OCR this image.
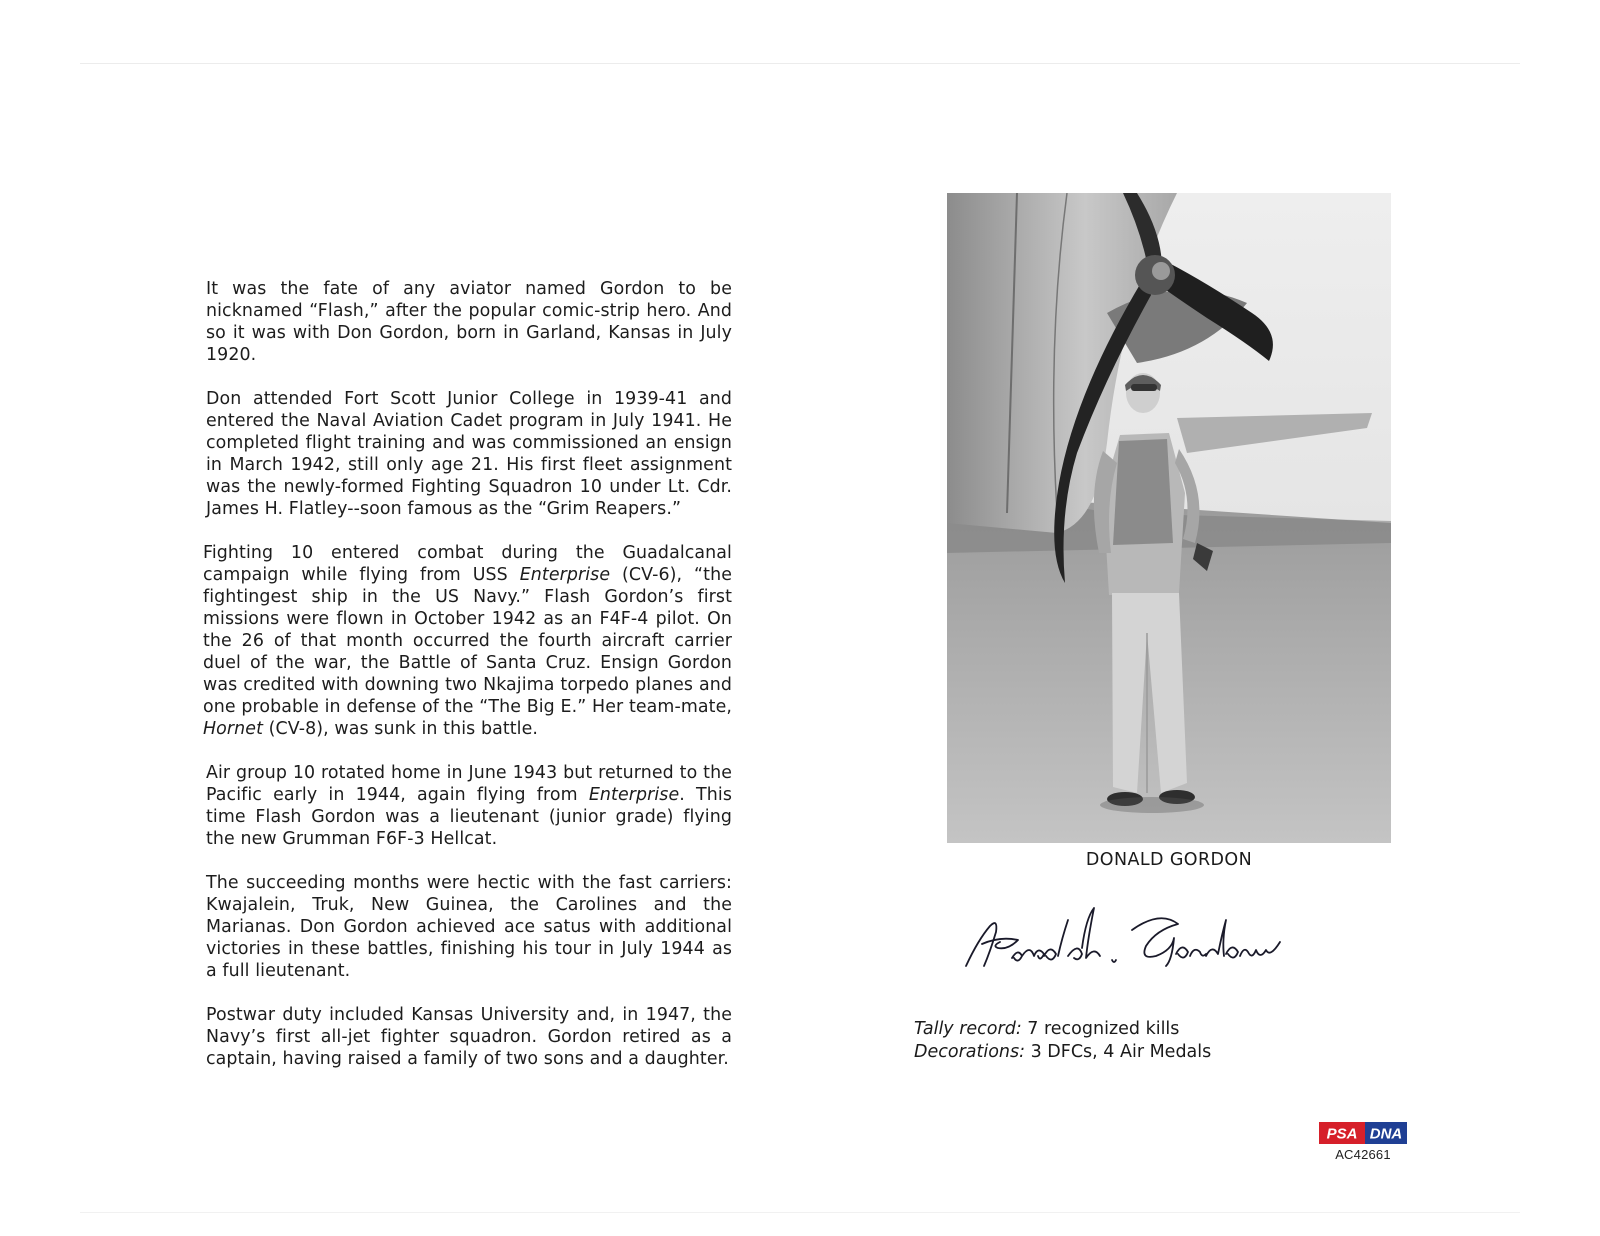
It was the fate of any aviator named Gordon to be nicknamed “Flash,” after the popular comic-strip hero. And so it was with Don Gordon, born in Garland, Kansas in July 1920.

Don attended Fort Scott Junior College in 1939-41 and entered the Naval Aviation Cadet program in July 1941. He completed flight training and was commissioned an ensign in March 1942, still only age 21. His first fleet assignment was the newly-formed Fighting Squadron 10 under Lt. Cdr. James H. Flatley--soon famous as the “Grim Reapers.”

Fighting 10 entered combat during the Guadalcanal campaign while flying from USS Enterprise (CV-6), “the fightingest ship in the US Navy.” Flash Gordon’s first missions were flown in October 1942 as an F4F-4 pilot. On the 26 of that month occurred the fourth aircraft carrier duel of the war, the Battle of Santa Cruz. Ensign Gordon was credited with downing two Nkajima torpedo planes and one probable in defense of the “The Big E.” Her team-mate, Hornet (CV-8), was sunk in this battle.

Air group 10 rotated home in June 1943 but returned to the Pacific early in 1944, again flying from Enterprise. This time Flash Gordon was a lieutenant (junior grade) flying the new Grumman F6F-3 Hellcat.

The succeeding months were hectic with the fast carriers: Kwajalein, Truk, New Guinea, the Carolines and the Marianas. Don Gordon achieved ace satus with additional victories in these battles, finishing his tour in July 1944 as a full lieutenant.

Postwar duty included Kansas University and, in 1947, the Navy’s first all-jet fighter squadron. Gordon retired as a captain, having raised a family of two sons and a daughter.

DONALD GORDON
Tally record: 7 recognized kills
Decorations: 3 DFCs, 4 Air Medals
PSA DNA
AC42661
